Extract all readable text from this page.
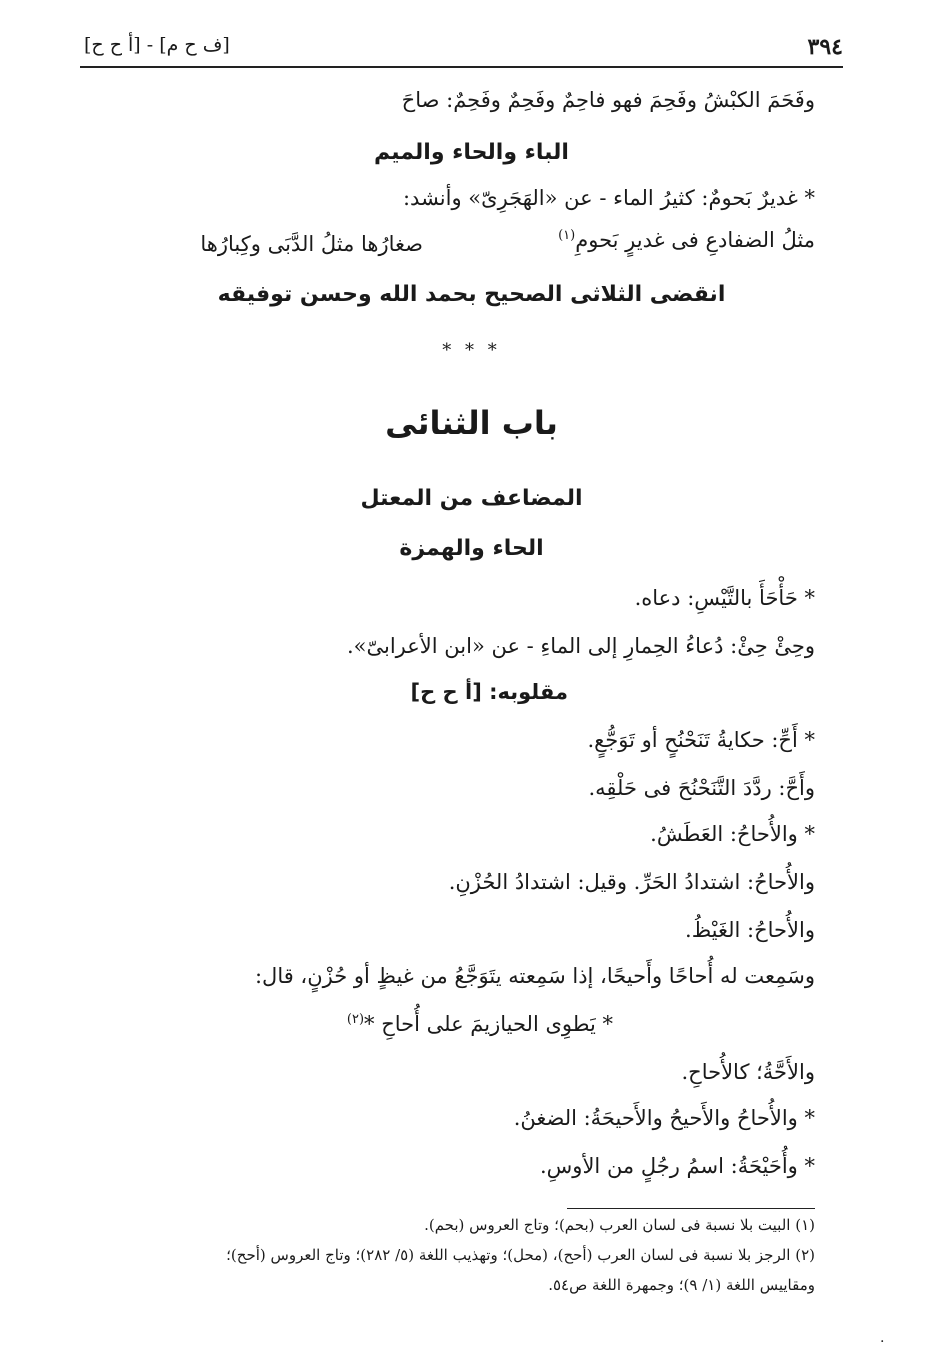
٣٩٤
[ف ح م] - [أ ح ح]
وفَحَمَ الكبْشُ وفَحِمَ فهو فاحِمٌ وفَحِمٌ وفَحِمٌ: صاحَ
الباء والحاء والميم
* غديرٌ بَحومٌ: كثيرُ الماء - عن «الهَجَرِىّ» وأنشد:
مثلُ الضفادعِ فى غديرٍ بَحومِ$^{(١)}$
صغارُها مثلُ الدَّبَى وكِبارُها
انقضى الثلاثى الصحيح بحمد الله وحسن توفيقه
* * *
باب الثنائى
المضاعف من المعتل
الحاء والهمزة
* حَأْحَأَ بالتَّيْسِ: دعاه.
وحِئْ حِئْ: دُعاءُ الحِمارِ إلى الماءِ - عن «ابن الأعرابىّ».
مقلوبه: [أ ح ح]
* أَحِّ: حكايةُ تَنَحْنُحٍ أو تَوَجُّعٍ.
وأَحَّ: ردَّدَ التَّنَحْنُحَ فى حَلْقِه.
* والأُحاحُ: العَطَشُ.
والأُحاحُ: اشتدادُ الحَرِّ. وقيل: اشتدادُ الحُزْنِ.
والأُحاحُ: الغَيْظُ.
وسَمِعت له أُحاحًا وأَحيحًا، إذا سَمِعته يتَوَجَّعُ من غيظٍ أو حُزْنٍ، قال:
* يَطوِى الحيازيمَ على أُحاحِ *$^{(٢)}$
والأَحَّةُ؛ كالأُحاحِ.
* والأُحاحُ والأَحيحُ والأَحيحَةُ: الضغنُ.
* وأُحَيْحَةُ: اسمُ رجُلٍ من الأوسِ.
(١) البيت بلا نسبة فى لسان العرب (بحم)؛ وتاج العروس (بحم).
(٢) الرجز بلا نسبة فى لسان العرب (أحح)، (محل)؛ وتهذيب اللغة (٥/ ٢٨٢)؛ وتاج العروس (أحح)؛
ومقاييس اللغة (١/ ٩)؛ وجمهرة اللغة ص٥٤.
.
